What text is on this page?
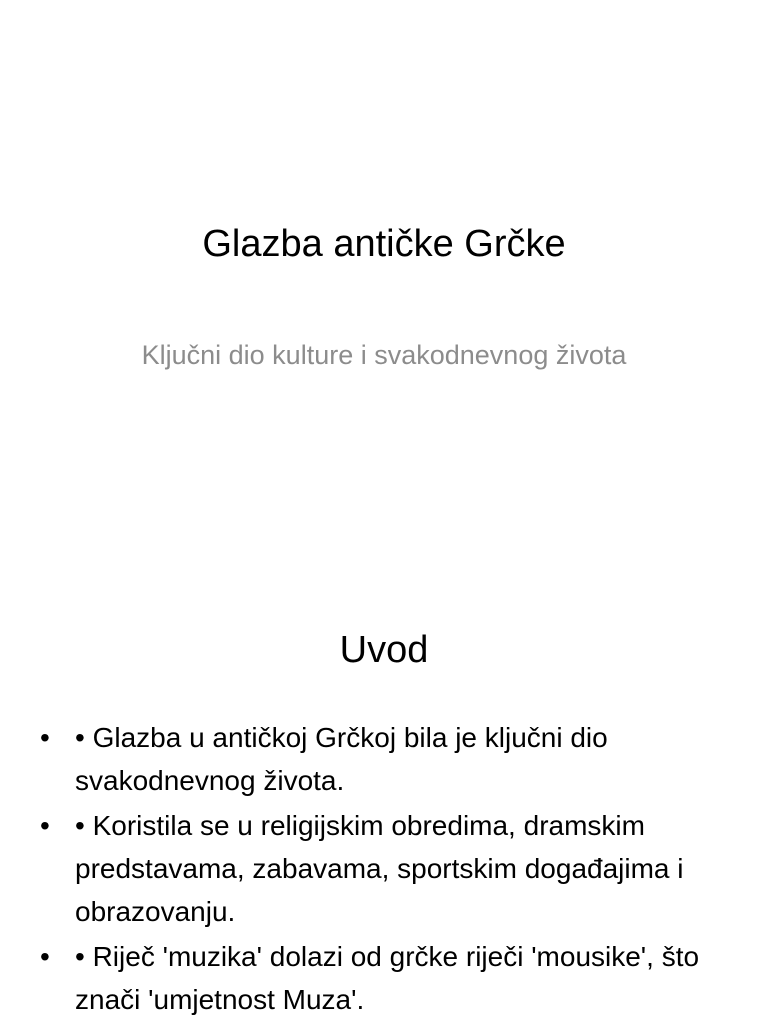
Glazba antičke Grčke
Ključni dio kulture i svakodnevnog života
Uvod
• • Glazba u antičkoj Grčkoj bila je ključni dio svakodnevnog života.
• • Koristila se u religijskim obredima, dramskim predstavama, zabavama, sportskim događajima i obrazovanju.
• • Riječ 'muzika' dolazi od grčke riječi 'mousike', što znači 'umjetnost Muza'.
